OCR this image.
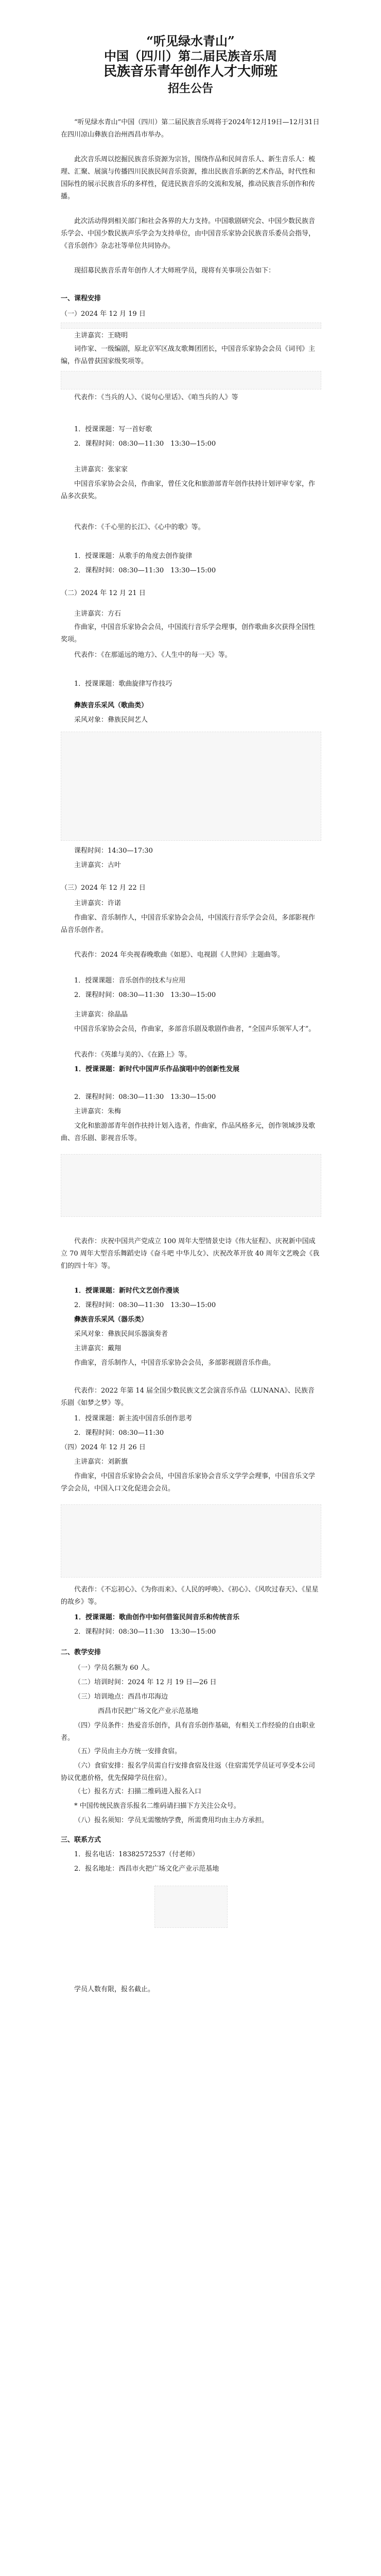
“听见绿水青山”
中国（四川）第二届民族音乐周
民族音乐青年创作人才大师班
招生公告

“听见绿水青山”中国（四川）第二届民族音乐周将于2024年12月19日—12月31日在四川凉山彝族自治州西昌市举办。

此次音乐周以挖掘民族音乐资源为宗旨，围绕作品和民间音乐人、新生音乐人：梳理、汇聚、展演与传播四川民族民间音乐资源，推出民族音乐新的艺术作品，时代性和国际性的展示民族音乐的多样性，促进民族音乐的交流和发展，推动民族音乐创作和传播。

此次活动得到相关部门和社会各界的大力支持。中国歌剧研究会、中国少数民族音乐学会、中国少数民族声乐学会为支持单位，由中国音乐家协会民族音乐委员会指导，《音乐创作》杂志社等单位共同协办。

现招募民族音乐青年创作人才大师班学员，现将有关事项公告如下：

一、课程安排

（一）2024 年 12 月 19 日

主讲嘉宾：王晓明

词作家、一级编剧，原北京军区战友歌舞团团长，中国音乐家协会会员《词刊》主编，作品曾获国家级奖项等。

代表作：《当兵的人》、《说句心里话》、《咱当兵的人》等

1．授课课题：写一首好歌

2．课程时间：08:30—11:30　13:30—15:00

主讲嘉宾：张家家

中国音乐家协会会员，作曲家，曾任文化和旅游部青年创作扶持计划评审专家，作品多次获奖。

代表作：《千心里的长江》、《心中的歌》等。

1．授课课题：从歌手的角度去创作旋律

2．课程时间：08:30—11:30　13:30—15:00

（二）2024 年 12 月 21 日

主讲嘉宾：方石

作曲家，中国音乐家协会会员，中国流行音乐学会理事，创作歌曲多次获得全国性奖项。

代表作：《在那遥远的地方》、《人生中的每一天》等。

1．授课课题：歌曲旋律写作技巧

彝族音乐采风（歌曲类）

采风对象：彝族民间艺人

课程时间：14:30—17:30

主讲嘉宾：古叶

（三）2024 年 12 月 22 日

主讲嘉宾：许诺

作曲家、音乐制作人，中国音乐家协会会员，中国流行音乐学会会员，多部影视作品音乐创作者。

代表作：2024 年央视春晚歌曲《如愿》、电视剧《人世间》主题曲等。

1．授课课题：音乐创作的技术与应用

2．课程时间：08:30—11:30　13:30—15:00

主讲嘉宾：徐晶晶

中国音乐家协会会员，作曲家，多部音乐剧及歌剧作曲者，“全国声乐领军人才”。

代表作：《英雄与美的》、《在路上》等。

1．授课课题：新时代中国声乐作品演唱中的创新性发展

2．课程时间：08:30—11:30　13:30—15:00

主讲嘉宾：朱梅

文化和旅游部青年创作扶持计划入选者，作曲家，作品风格多元，创作领域涉及歌曲、音乐剧、影视音乐等。

代表作：庆祝中国共产党成立 100 周年大型情景史诗《伟大征程》、庆祝新中国成立 70 周年大型音乐舞蹈史诗《奋斗吧 中华儿女》、庆祝改革开放 40 周年文艺晚会《我们的四十年》等。

1．授课课题：新时代文艺创作漫谈

2．课程时间：08:30—11:30　13:30—15:00

彝族音乐采风（器乐类）

采风对象：彝族民间乐器演奏者

主讲嘉宾：戴翔

作曲家，音乐制作人，中国音乐家协会会员，多部影视剧音乐作曲。

代表作：2022 年第 14 届全国少数民族文艺会演音乐作品《LUNANA》、民族音乐剧《如梦之梦》等。

1．授课课题：新主流中国音乐创作思考

2．课程时间：08:30—11:30

（四）2024 年 12 月 26 日

主讲嘉宾：刘新旗

作曲家，中国音乐家协会会员，中国音乐家协会音乐文学学会理事，中国音乐文学学会会员，中国入口文化促进会会员。

代表作：《不忘初心》、《为你而来》、《人民的呼唤》、《初心》、《风吹过春天》、《星星的故乡》等。

1．授课课题：歌曲创作中如何借鉴民间音乐和传统音乐

2．课程时间：08:30—11:30　13:30—15:00

二、教学安排

（一）学员名额为 60 人。

（二）培训时间：2024 年 12 月 19 日—26 日

（三）培训地点：西昌市邛海边

西昌市民把广场文化产业示范基地

（四）学员条件：热爱音乐创作，具有音乐创作基础，有相关工作经验的自由职业者。

（五）学员由主办方统一安排食宿。

（六）食宿安排：报名学员需自行安排食宿及往返（住宿需凭学员证可享受本公司协议优惠价格，优先保障学员住宿）。

（七）报名方式：扫描二维码进入报名入口

* 中国传统民族音乐报名二维码请扫描下方关注公众号。

（八）报名须知：学员无需缴纳学费，所需费用均由主办方承担。

三、联系方式

1．报名电话：18382572537（付老师）

2．报名地址：西昌市火把广场文化产业示范基地

学员人数有限，报名截止。
